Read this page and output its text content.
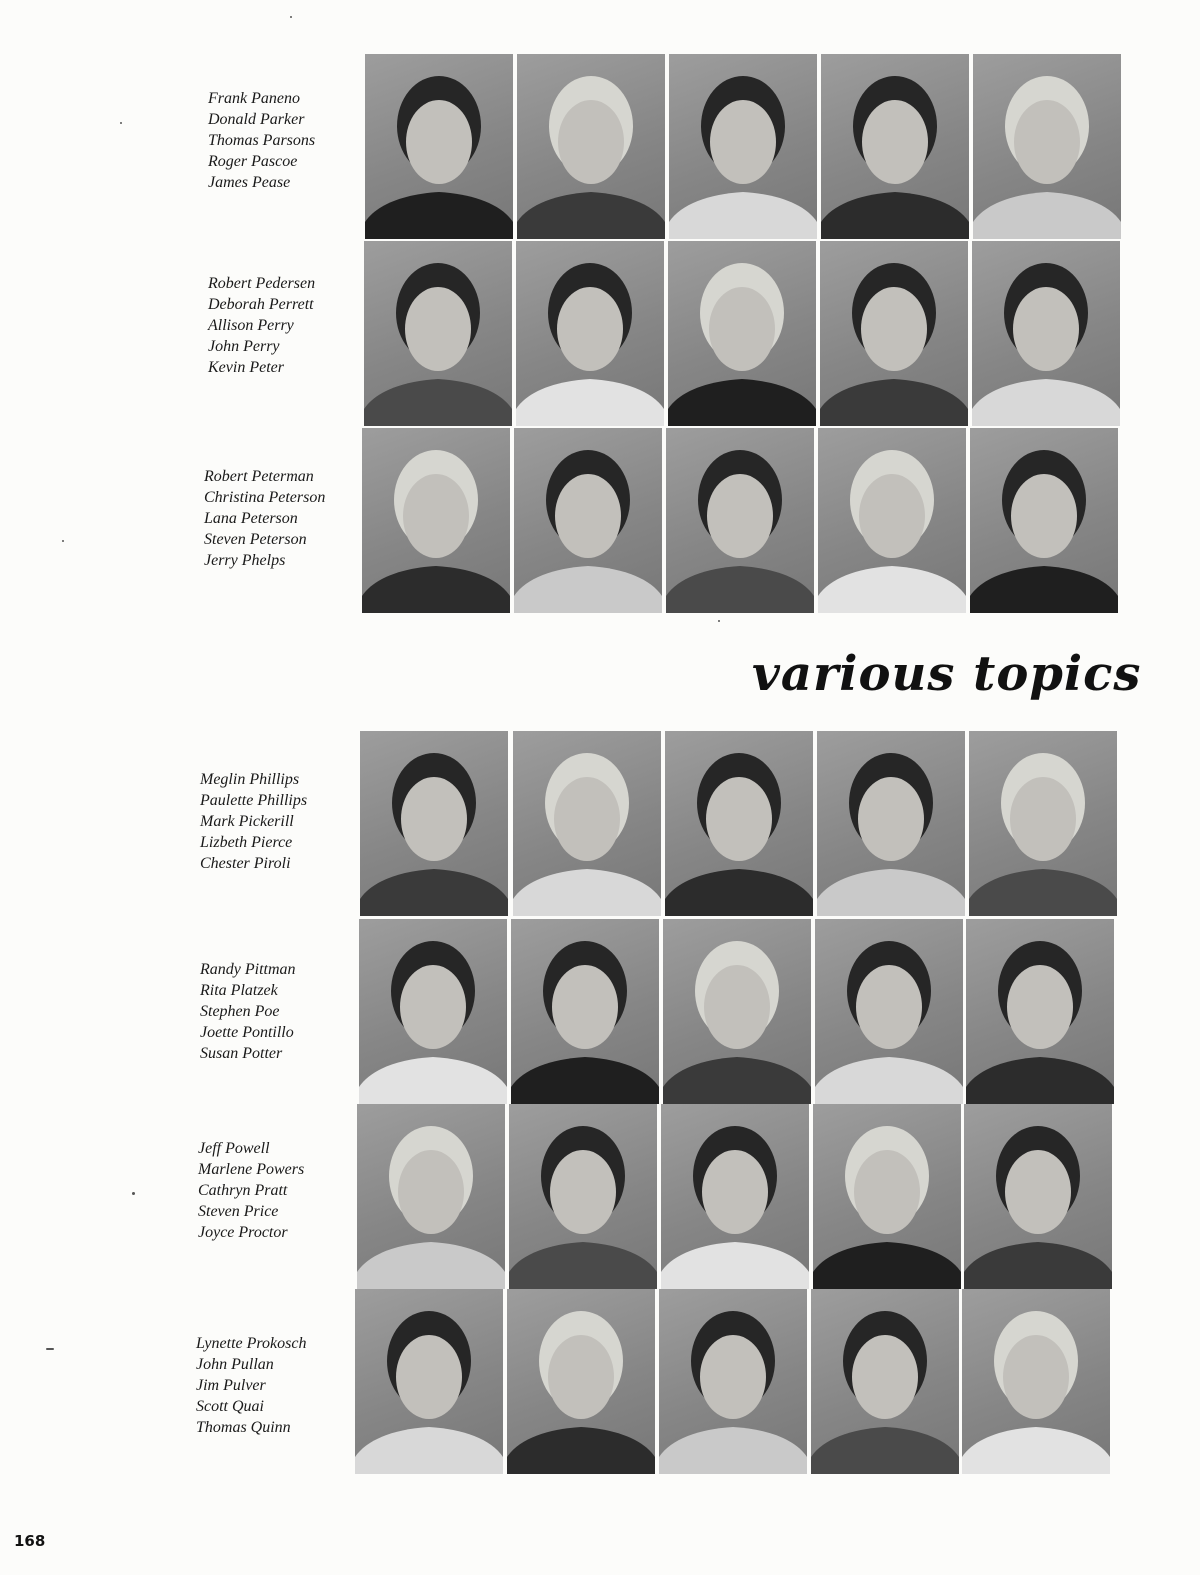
Frank Paneno
Donald Parker
Thomas Parsons
Roger Pascoe
James Pease
Robert Pedersen
Deborah Perrett
Allison Perry
John Perry
Kevin Peter
Robert Peterman
Christina Peterson
Lana Peterson
Steven Peterson
Jerry Phelps
various topics
Meglin Phillips
Paulette Phillips
Mark Pickerill
Lizbeth Pierce
Chester Piroli
Randy Pittman
Rita Platzek
Stephen Poe
Joette Pontillo
Susan Potter
Jeff Powell
Marlene Powers
Cathryn Pratt
Steven Price
Joyce Proctor
Lynette Prokosch
John Pullan
Jim Pulver
Scott Quai
Thomas Quinn
168
